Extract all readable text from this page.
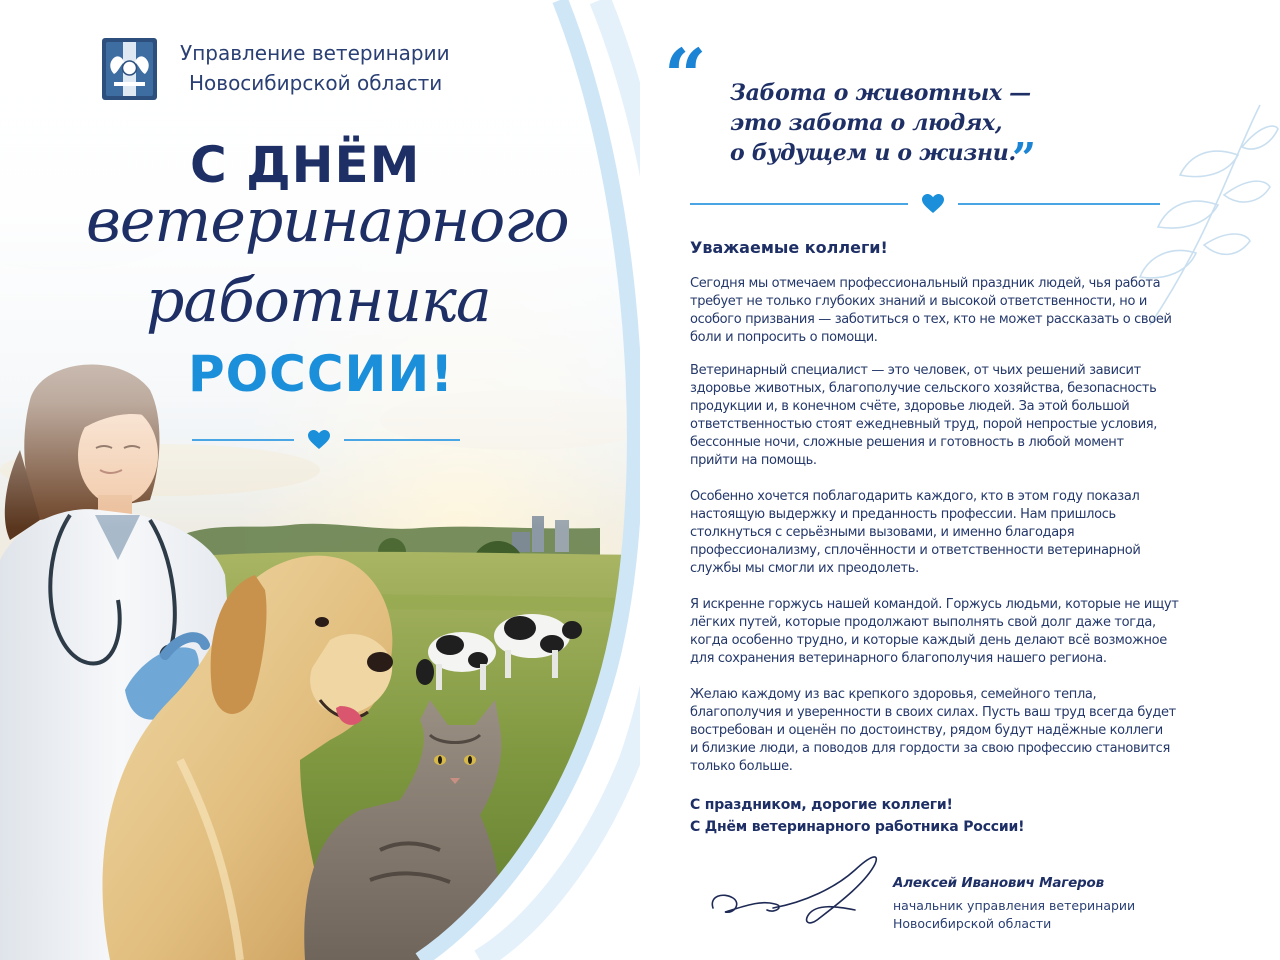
Управление ветеринарии
Новосибирской области
С ДНЁМ
ветеринарного
работника
РОССИИ!
“ Забота о животных —
это забота о людях,
о будущем и о жизни.
”
Уважаемые коллеги!
Сегодня мы отмечаем профессиональный праздник людей, чья работа
требует не только глубоких знаний и высокой ответственности, но и
особого призвания — заботиться о тех, кто не может рассказать о своей
боли и попросить о помощи.
Ветеринарный специалист — это человек, от чьих решений зависит
здоровье животных, благополучие сельского хозяйства, безопасность
продукции и, в конечном счёте, здоровье людей. За этой большой
ответственностью стоят ежедневный труд, порой непростые условия,
бессонные ночи, сложные решения и готовность в любой момент
прийти на помощь.
Особенно хочется поблагодарить каждого, кто в этом году показал
настоящую выдержку и преданность профессии. Нам пришлось
столкнуться с серьёзными вызовами, и именно благодаря
профессионализму, сплочённости и ответственности ветеринарной
службы мы смогли их преодолеть.
Я искренне горжусь нашей командой. Горжусь людьми, которые не ищут
лёгких путей, которые продолжают выполнять свой долг даже тогда,
когда особенно трудно, и которые каждый день делают всё возможное
для сохранения ветеринарного благополучия нашего региона.
Желаю каждому из вас крепкого здоровья, семейного тепла,
благополучия и уверенности в своих силах. Пусть ваш труд всегда будет
востребован и оценён по достоинству, рядом будут надёжные коллеги
и близкие люди, а поводов для гордости за свою профессию становится
только больше.
С праздником, дорогие коллеги!
С Днём ветеринарного работника России!
Алексей Иванович Магеров
начальник управления ветеринарии
Новосибирской области
